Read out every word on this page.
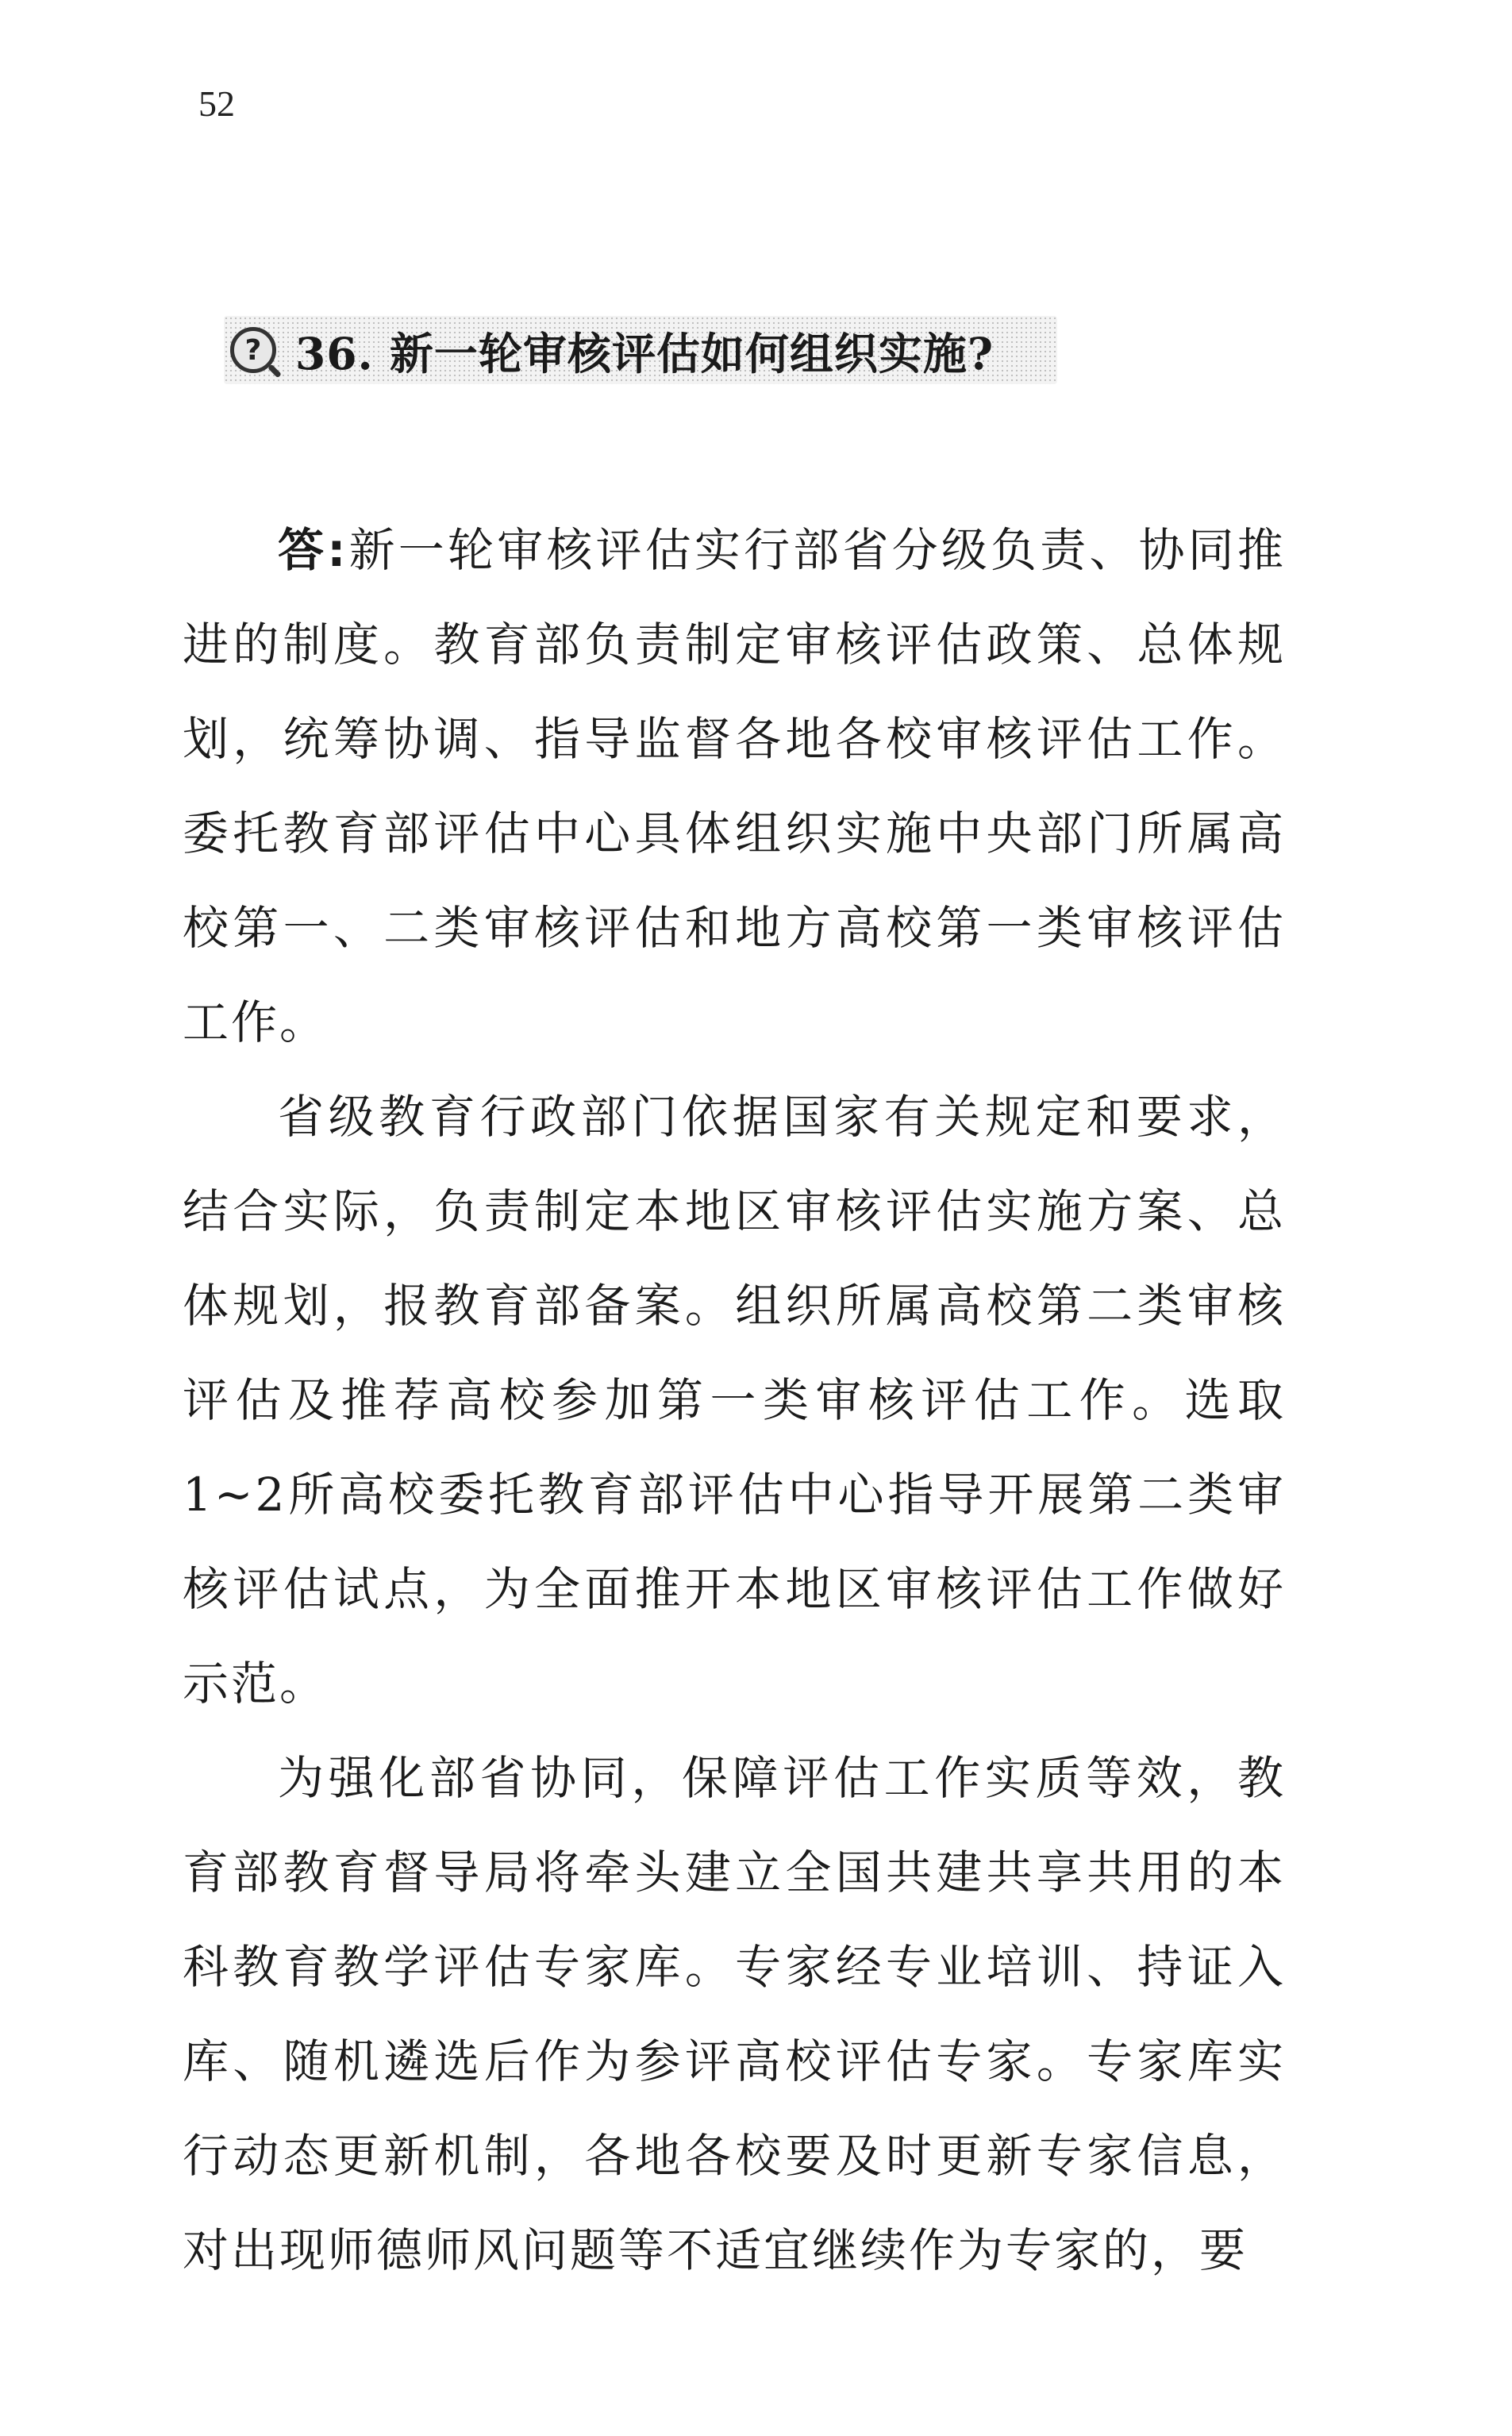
52
? 36. 新一轮审核评估如何组织实施?

答:新一轮审核评估实行部省分级负责、协同推进的制度。教育部负责制定审核评估政策、总体规划，统筹协调、指导监督各地各校审核评估工作。委托教育部评估中心具体组织实施中央部门所属高校第一、二类审核评估和地方高校第一类审核评估工作。

省级教育行政部门依据国家有关规定和要求，结合实际，负责制定本地区审核评估实施方案、总体规划，报教育部备案。组织所属高校第二类审核评估及推荐高校参加第一类审核评估工作。选取1~2所高校委托教育部评估中心指导开展第二类审核评估试点，为全面推开本地区审核评估工作做好示范。

为强化部省协同，保障评估工作实质等效，教育部教育督导局将牵头建立全国共建共享共用的本科教育教学评估专家库。专家经专业培训、持证入库、随机遴选后作为参评高校评估专家。专家库实行动态更新机制，各地各校要及时更新专家信息，对出现师德师风问题等不适宜继续作为专家的，要
